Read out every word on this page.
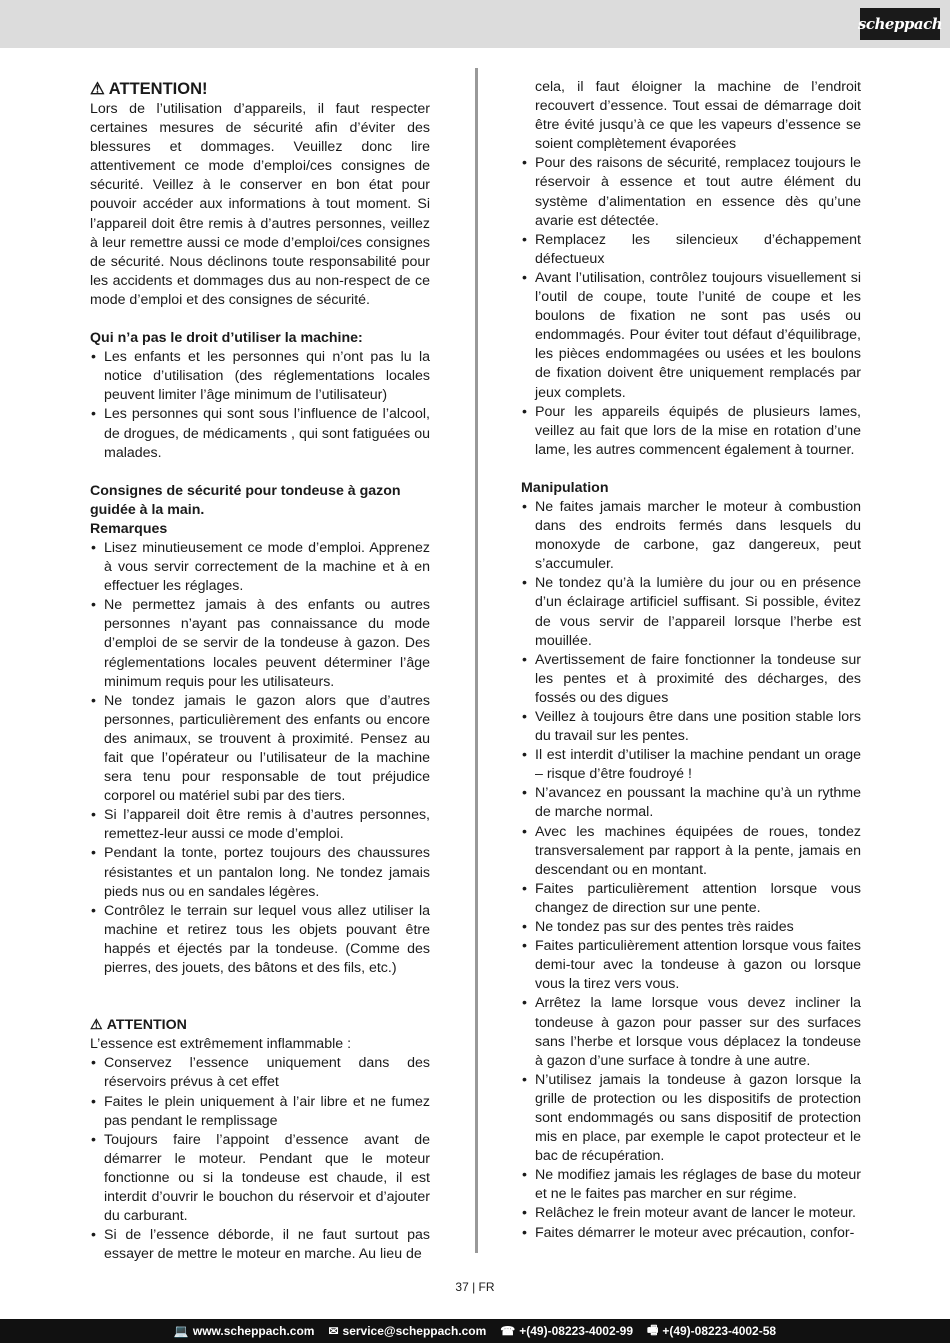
scheppach
⚠ ATTENTION!

Lors de l’utilisation d’appareils, il faut respecter certaines mesures de sécurité afin d’éviter des blessures et dommages. Veuillez donc lire attentivement ce mode d’emploi/ces consignes de sécurité. Veillez à le conserver en bon état pour pouvoir accéder aux informations à tout moment. Si l’appareil doit être remis à d’autres personnes, veillez à leur remettre aussi ce mode d’emploi/ces consignes de sécurité. Nous déclinons toute responsabilité pour les accidents et dommages dus au non-respect de ce mode d’emploi et des consignes de sécurité.

Qui n’a pas le droit d’utiliser la machine:
• Les enfants et les personnes qui n’ont pas lu la notice d’utilisation (des réglementations locales peuvent limiter l’âge minimum de l’utilisateur)
• Les personnes qui sont sous l’influence de l’alcool, de drogues, de médicaments , qui sont fatiguées ou malades.
Consignes de sécurité pour tondeuse à gazon guidée à la main.
Remarques
• Lisez minutieusement ce mode d’emploi. Apprenez à vous servir correctement de la machine et à en effectuer les réglages.
• Ne permettez jamais à des enfants ou autres personnes n’ayant pas connaissance du mode d’emploi de se servir de la tondeuse à gazon. Des réglementations locales peuvent déterminer l’âge minimum requis pour les utilisateurs.
• Ne tondez jamais le gazon alors que d’autres personnes, particulièrement des enfants ou encore des animaux, se trouvent à proximité. Pensez au fait que l’opérateur ou l’utilisateur de la machine sera tenu pour responsable de tout préjudice corporel ou matériel subi par des tiers.
• Si l’appareil doit être remis à d’autres personnes, remettez-leur aussi ce mode d’emploi.
• Pendant la tonte, portez toujours des chaussures résistantes et un pantalon long. Ne tondez jamais pieds nus ou en sandales légères.
• Contrôlez le terrain sur lequel vous allez utiliser la machine et retirez tous les objets pouvant être happés et éjectés par la tondeuse. (Comme des pierres, des jouets, des bâtons et des fils, etc.)
⚠ ATTENTION

L’essence est extrêmement inflammable :

• Conservez l’essence uniquement dans des réservoirs prévus à cet effet
• Faites le plein uniquement à l’air libre et ne fumez pas pendant le remplissage
• Toujours faire l’appoint d’essence avant de démarrer le moteur. Pendant que le moteur fonctionne ou si la tondeuse est chaude, il est interdit d’ouvrir le bouchon du réservoir et d’ajouter du carburant.
• Si de l’essence déborde, il ne faut surtout pas essayer de mettre le moteur en marche. Au lieu de

cela, il faut éloigner la machine de l’endroit recouvert d’essence. Tout essai de démarrage doit être évité jusqu’à ce que les vapeurs d’essence se soient complètement évaporées

• Pour des raisons de sécurité, remplacez toujours le réservoir à essence et tout autre élément du système d’alimentation en essence dès qu’une avarie est détectée.
• Remplacez les silencieux d’échappement défectueux
• Avant l’utilisation, contrôlez toujours visuellement si l’outil de coupe, toute l’unité de coupe et les boulons de fixation ne sont pas usés ou endommagés. Pour éviter tout défaut d’équilibrage, les pièces endommagées ou usées et les boulons de fixation doivent être uniquement remplacés par jeux complets.
• Pour les appareils équipés de plusieurs lames, veillez au fait que lors de la mise en rotation d’une lame, les autres commencent également à tourner.
Manipulation
• Ne faites jamais marcher le moteur à combustion dans des endroits fermés dans lesquels du monoxyde de carbone, gaz dangereux, peut s’accumuler.
• Ne tondez qu’à la lumière du jour ou en présence d’un éclairage artificiel suffisant. Si possible, évitez de vous servir de l’appareil lorsque l’herbe est mouillée.
• Avertissement de faire fonctionner la tondeuse sur les pentes et à proximité des décharges, des fossés ou des digues
• Veillez à toujours être dans une position stable lors du travail sur les pentes.
• Il est interdit d’utiliser la machine pendant un orage – risque d’être foudroyé !
• N’avancez en poussant la machine qu’à un rythme de marche normal.
• Avec les machines équipées de roues, tondez transversalement par rapport à la pente, jamais en descendant ou en montant.
• Faites particulièrement attention lorsque vous changez de direction sur une pente.
• Ne tondez pas sur des pentes très raides
• Faites particulièrement attention lorsque vous faites demi-tour avec la tondeuse à gazon ou lorsque vous la tirez vers vous.
• Arrêtez la lame lorsque vous devez incliner la tondeuse à gazon pour passer sur des surfaces sans l’herbe et lorsque vous déplacez la tondeuse à gazon d’une surface à tondre à une autre.
• N’utilisez jamais la tondeuse à gazon lorsque la grille de protection ou les dispositifs de protection sont endommagés ou sans dispositif de protection mis en place, par exemple le capot protecteur et le bac de récupération.
• Ne modifiez jamais les réglages de base du moteur et ne le faites pas marcher en sur régime.
• Relâchez le frein moteur avant de lancer le moteur.
• Faites démarrer le moteur avec précaution, confor-
37 | FR
💻 www.scheppach.com ✉ service@scheppach.com ☎ +(49)-08223-4002-99 🖷 +(49)-08223-4002-58
